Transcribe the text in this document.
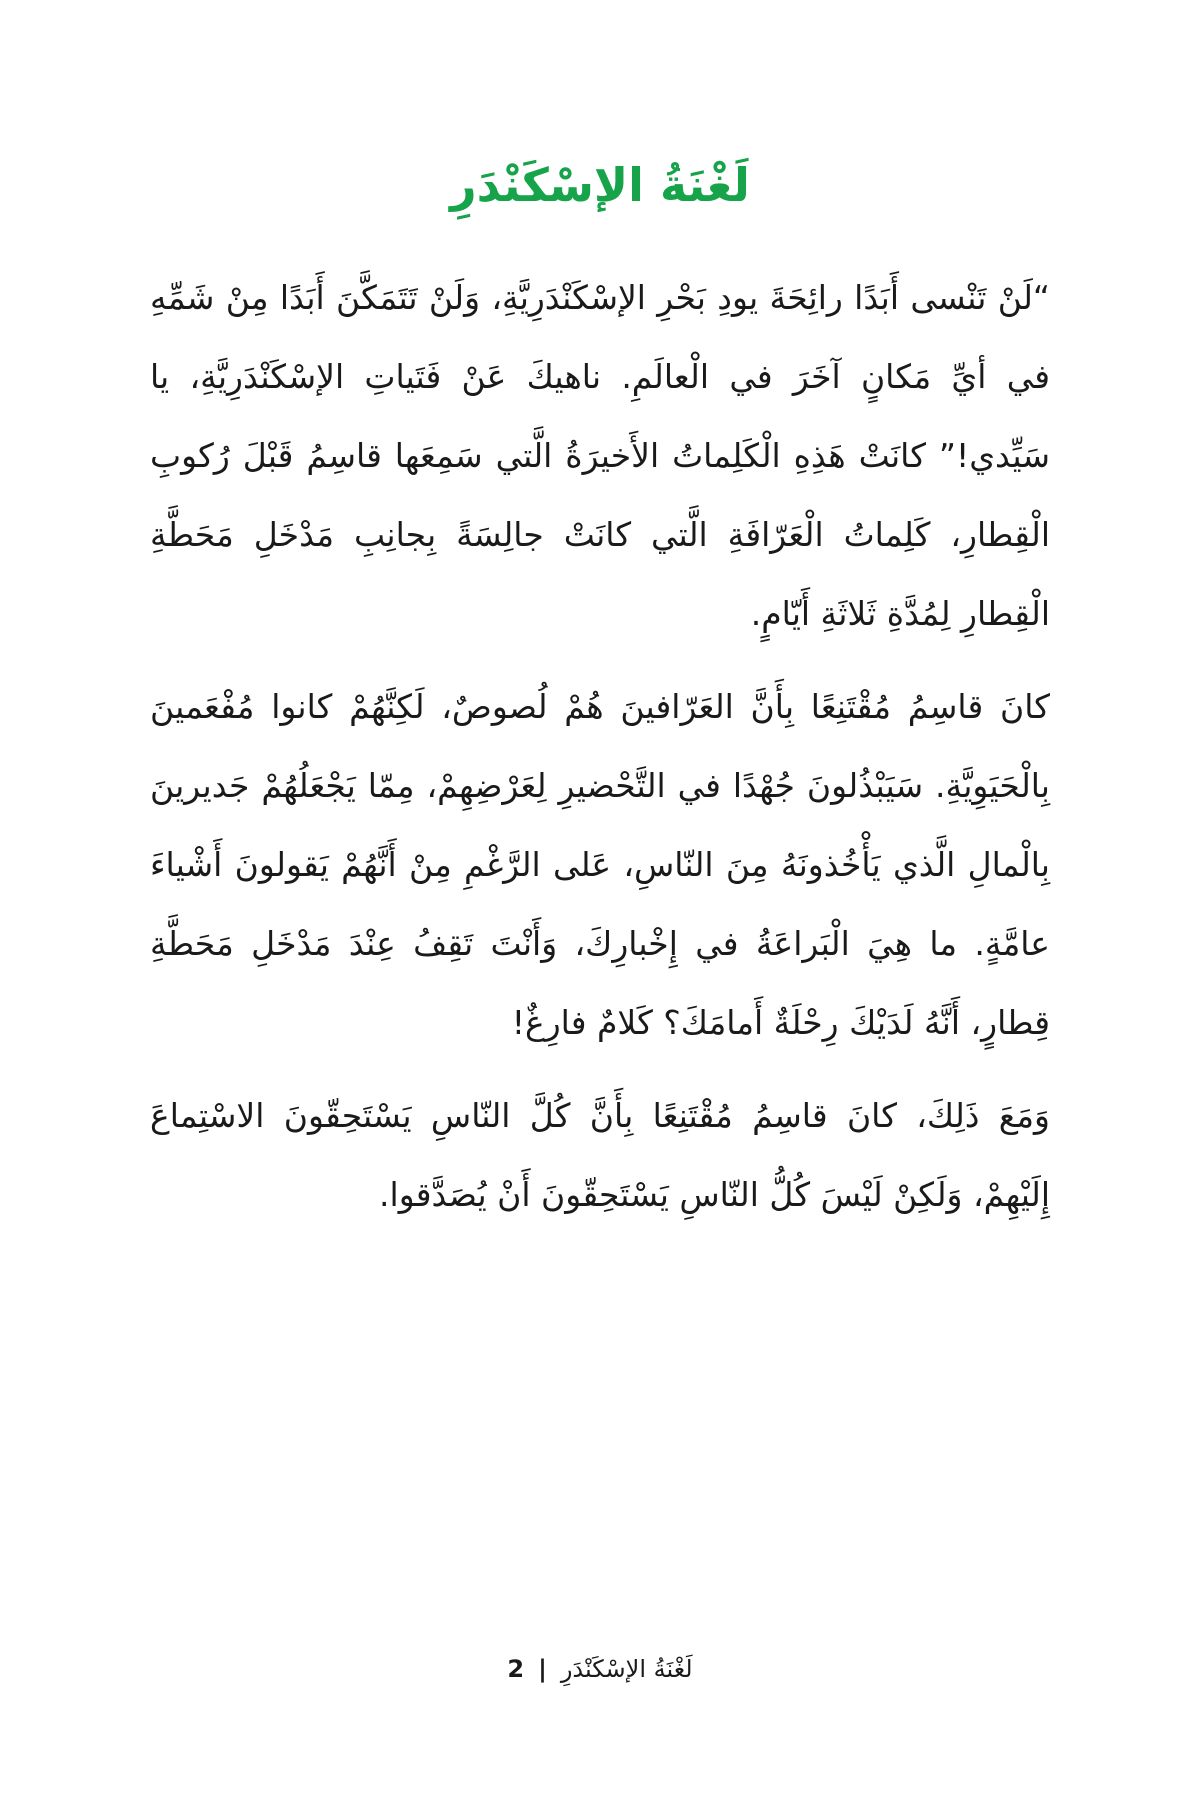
لَغْنَةُ الإسْكَنْدَرِ

“لَنْ تَنْسى أَبَدًا رائِحَةَ يودِ بَحْرِ الإسْكَنْدَرِيَّةِ، وَلَنْ تَتَمَكَّنَ أَبَدًا مِنْ شَمِّهِ في أيِّ مَكانٍ آخَرَ في الْعالَمِ. ناهيكَ عَنْ فَتَياتِ الإسْكَنْدَرِيَّةِ، يا سَيِّدي!” كانَتْ هَذِهِ الْكَلِماتُ الأَخيرَةُ الَّتي سَمِعَها قاسِمُ قَبْلَ رُكوبِ الْقِطارِ، كَلِماتُ الْعَرّافَةِ الَّتي كانَتْ جالِسَةً بِجانِبِ مَدْخَلِ مَحَطَّةِ الْقِطارِ لِمُدَّةِ ثَلاثَةِ أَيّامٍ.

كانَ قاسِمُ مُقْتَنِعًا بِأَنَّ العَرّافينَ هُمْ لُصوصٌ، لَكِنَّهُمْ كانوا مُفْعَمينَ بِالْحَيَوِيَّةِ. سَيَبْذُلونَ جُهْدًا في التَّحْضيرِ لِعَرْضِهِمْ، مِمّا يَجْعَلُهُمْ جَديرينَ بِالْمالِ الَّذي يَأْخُذونَهُ مِنَ النّاسِ، عَلى الرَّغْمِ مِنْ أَنَّهُمْ يَقولونَ أَشْياءَ عامَّةٍ. ما هِيَ الْبَراعَةُ في إِخْبارِكَ، وَأَنْتَ تَقِفُ عِنْدَ مَدْخَلِ مَحَطَّةِ قِطارٍ، أَنَّهُ لَدَيْكَ رِحْلَةٌ أَمامَكَ؟ كَلامٌ فارِغٌ!

وَمَعَ ذَلِكَ، كانَ قاسِمُ مُقْتَنِعًا بِأَنَّ كُلَّ النّاسِ يَسْتَحِقّونَ الاسْتِماعَ إِلَيْهِمْ، وَلَكِنْ لَيْسَ كُلُّ النّاسِ يَسْتَحِقّونَ أَنْ يُصَدَّقوا.

لَغْنَةُ الإسْكَنْدَرِ|2
